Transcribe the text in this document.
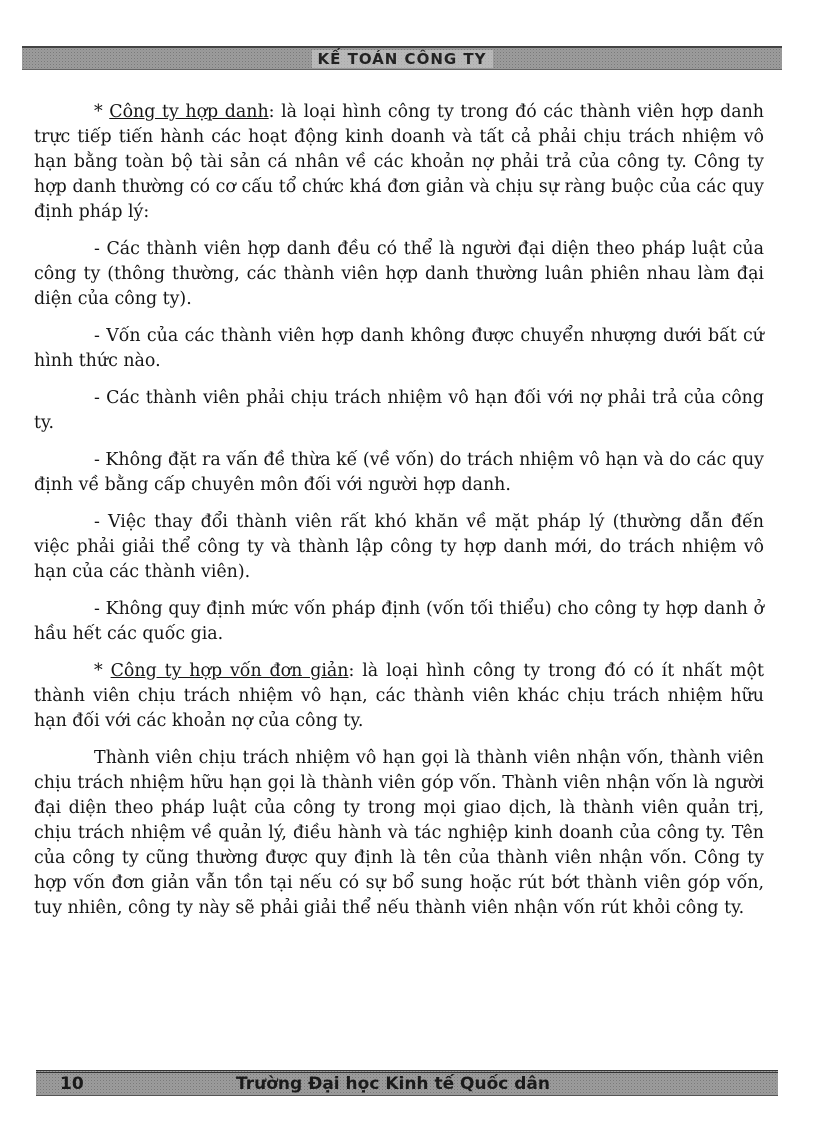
KẾ TOÁN CÔNG TY

* Công ty hợp danh: là loại hình công ty trong đó các thành viên hợp danh trực tiếp tiến hành các hoạt động kinh doanh và tất cả phải chịu trách nhiệm vô hạn bằng toàn bộ tài sản cá nhân về các khoản nợ phải trả của công ty. Công ty hợp danh thường có cơ cấu tổ chức khá đơn giản và chịu sự ràng buộc của các quy định pháp lý:

- Các thành viên hợp danh đều có thể là người đại diện theo pháp luật của công ty (thông thường, các thành viên hợp danh thường luân phiên nhau làm đại diện của công ty).

- Vốn của các thành viên hợp danh không được chuyển nhượng dưới bất cứ hình thức nào.

- Các thành viên phải chịu trách nhiệm vô hạn đối với nợ phải trả của công ty.

- Không đặt ra vấn đề thừa kế (về vốn) do trách nhiệm vô hạn và do các quy định về bằng cấp chuyên môn đối với người hợp danh.

- Việc thay đổi thành viên rất khó khăn về mặt pháp lý (thường dẫn đến việc phải giải thể công ty và thành lập công ty hợp danh mới, do trách nhiệm vô hạn của các thành viên).

- Không quy định mức vốn pháp định (vốn tối thiểu) cho công ty hợp danh ở hầu hết các quốc gia.

* Công ty hợp vốn đơn giản: là loại hình công ty trong đó có ít nhất một thành viên chịu trách nhiệm vô hạn, các thành viên khác chịu trách nhiệm hữu hạn đối với các khoản nợ của công ty.

Thành viên chịu trách nhiệm vô hạn gọi là thành viên nhận vốn, thành viên chịu trách nhiệm hữu hạn gọi là thành viên góp vốn. Thành viên nhận vốn là người đại diện theo pháp luật của công ty trong mọi giao dịch, là thành viên quản trị, chịu trách nhiệm về quản lý, điều hành và tác nghiệp kinh doanh của công ty. Tên của công ty cũng thường được quy định là tên của thành viên nhận vốn. Công ty hợp vốn đơn giản vẫn tồn tại nếu có sự bổ sung hoặc rút bớt thành viên góp vốn, tuy nhiên, công ty này sẽ phải giải thể nếu thành viên nhận vốn rút khỏi công ty.

10	Trường Đại học Kinh tế Quốc dân
